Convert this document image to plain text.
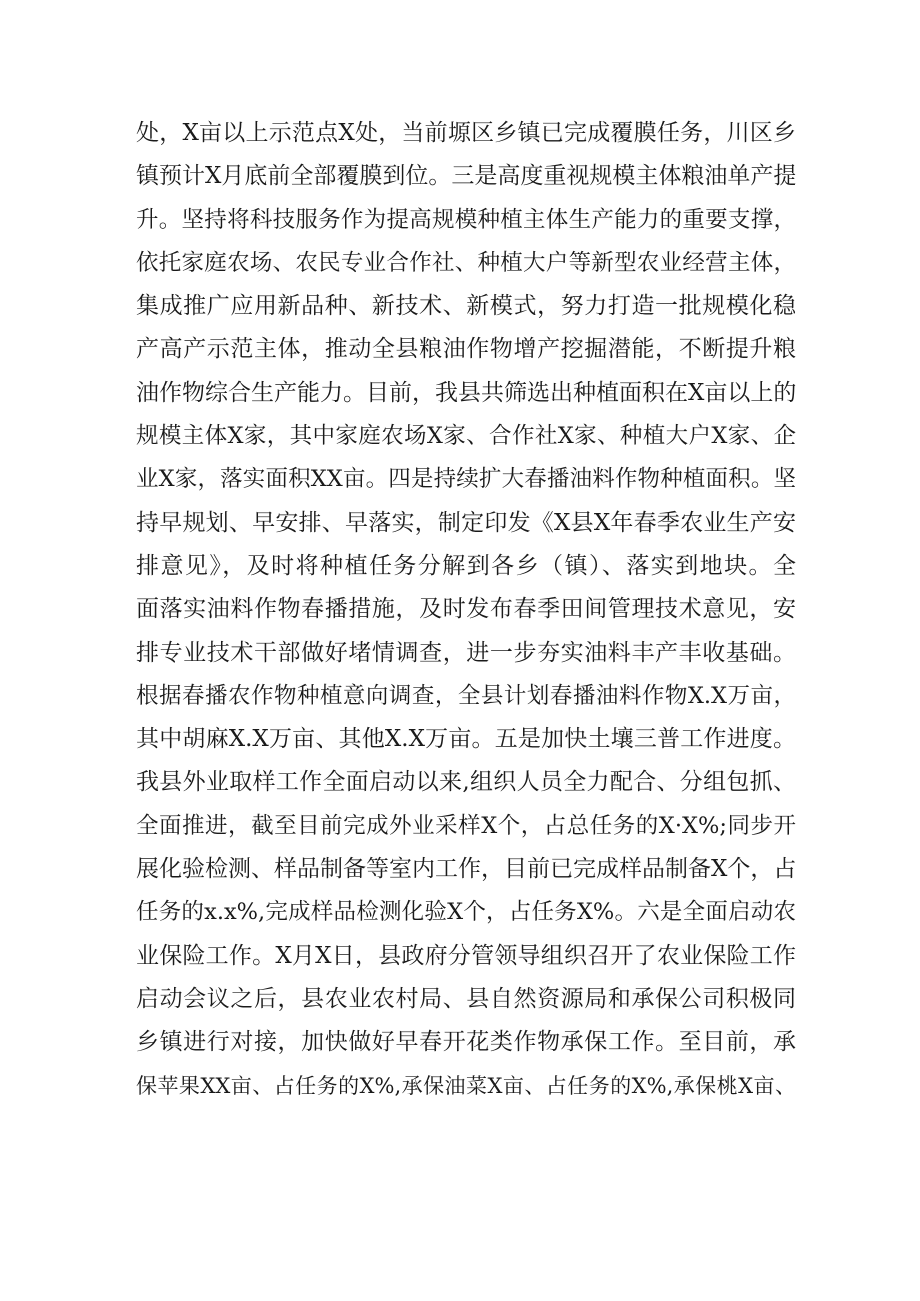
处，X亩以上示范点X处，当前塬区乡镇已完成覆膜任务，川区乡
镇预计X月底前全部覆膜到位。三是高度重视规模主体粮油单产提
升。坚持将科技服务作为提高规模种植主体生产能力的重要支撑，
依托家庭农场、农民专业合作社、种植大户等新型农业经营主体，
集成推广应用新品种、新技术、新模式，努力打造一批规模化稳
产高产示范主体，推动全县粮油作物增产挖掘潜能，不断提升粮
油作物综合生产能力。目前，我县共筛选出种植面积在X亩以上的
规模主体X家，其中家庭农场X家、合作社X家、种植大户X家、企
业X家，落实面积XX亩。四是持续扩大春播油料作物种植面积。坚
持早规划、早安排、早落实，制定印发《X县X年春季农业生产安
排意见》，及时将种植任务分解到各乡（镇）、落实到地块。全
面落实油料作物春播措施，及时发布春季田间管理技术意见，安
排专业技术干部做好堵情调查，进一步夯实油料丰产丰收基础。
根据春播农作物种植意向调查，全县计划春播油料作物X.X万亩，
其中胡麻X.X万亩、其他X.X万亩。五是加快土壤三普工作进度。
我县外业取样工作全面启动以来,组织人员全力配合、分组包抓、
全面推进，截至目前完成外业采样X个，占总任务的X·X%;同步开
展化验检测、样品制备等室内工作，目前已完成样品制备X个，占
任务的x.x%,完成样品检测化验X个，占任务X%。六是全面启动农
业保险工作。X月X日，县政府分管领导组织召开了农业保险工作
启动会议之后，县农业农村局、县自然资源局和承保公司积极同
乡镇进行对接，加快做好早春开花类作物承保工作。至目前，承
保苹果XX亩、占任务的X%,承保油菜X亩、占任务的X%,承保桃X亩、
